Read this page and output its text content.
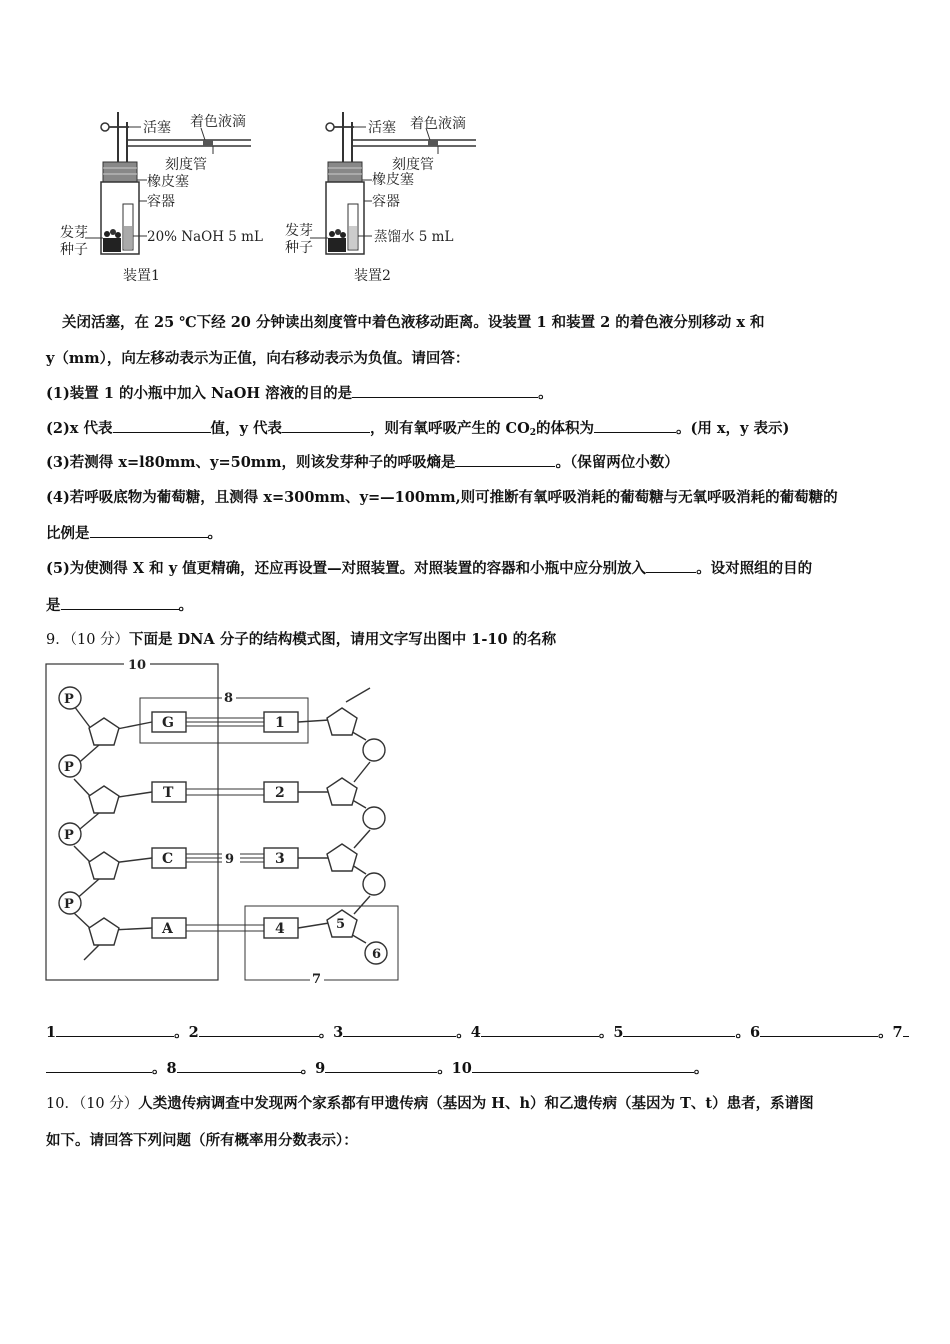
活塞 着色液滴
刻度管
橡皮塞
容器
20% NaOH 5 mL
发芽
种子
装置1
活塞 着色液滴
刻度管
橡皮塞
容器
蒸馏水 5 mL
发芽
种子
装置2
关闭活塞，在 25 ℃下经 20 分钟读出刻度管中着色液移动距离。设装置 1 和装置 2 的着色液分别移动 x 和
y（mm），向左移动表示为正值，向右移动表示为负值。请回答：
(1)装置 1 的小瓶中加入 NaOH 溶液的目的是	。
(2)x 代表	值，y 代表	，则有氧呼吸产生的 $CO_2$的体积为	。(用 x，y 表示)
(3)若测得 x=l80mm、y=50mm，则该发芽种子的呼吸熵是	。（保留两位小数）
(4)若呼吸底物为葡萄糖，且测得 x=300mm、y=—100mm,则可推断有氧呼吸消耗的葡萄糖与无氧呼吸消耗的葡萄糖的
比例是	。
(5)为使测得 X 和 y 值更精确，还应再设置—对照装置。对照装置的容器和小瓶中应分别放入	。设对照组的目的
是	。
9．（10 分）下面是 DNA 分子的结构模式图，请用文字写出图中 1-10 的名称
10
8
7
P
P
P
P
G
T
C
A
1
2
3
4
9
5
6
1	。2	。3	。4	。5	。6	。7
。8	。9	。10	。
10．（10 分）人类遗传病调查中发现两个家系都有甲遗传病（基因为 H、h）和乙遗传病（基因为 T、t）患者，系谱图
如下。请回答下列问题（所有概率用分数表示）：
